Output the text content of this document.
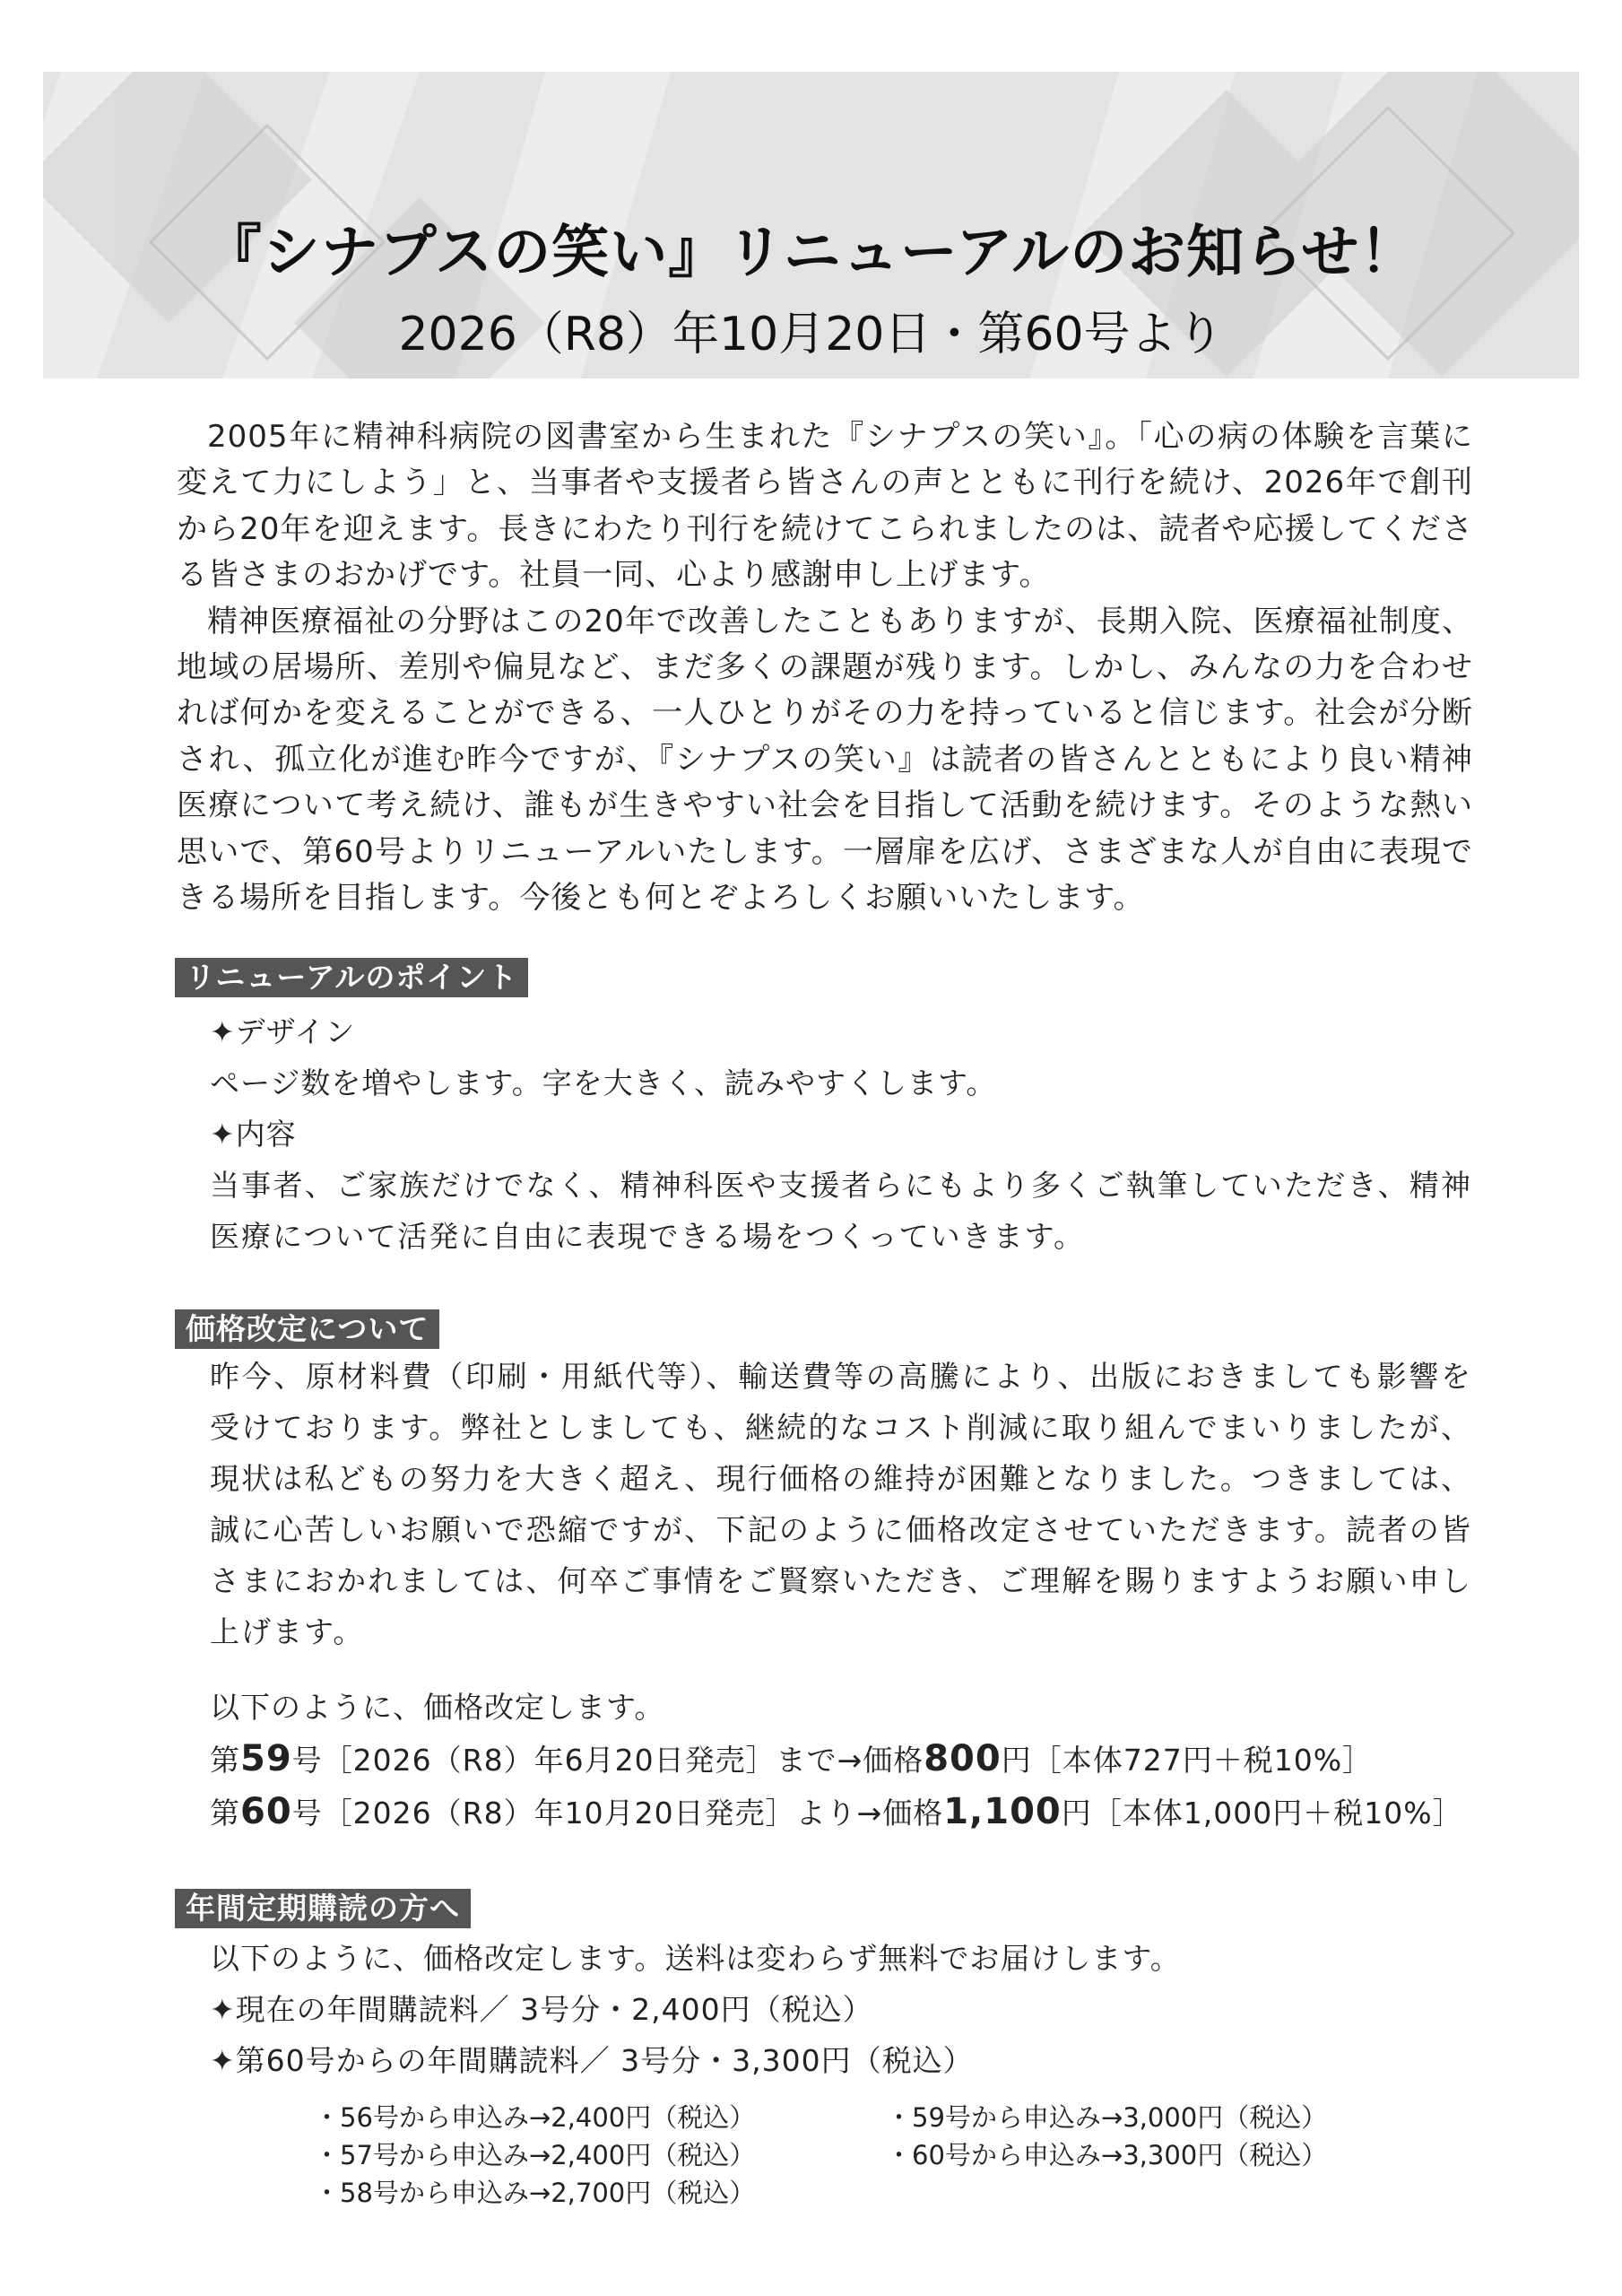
『シナプスの笑い』リニューアルのお知らせ！
2026（R8）年10月20日・第60号より

2005年に精神科病院の図書室から生まれた『シナプスの笑い』。「心の病の体験を言葉に変えて力にしよう」と、当事者や支援者ら皆さんの声とともに刊行を続け、2026年で創刊から20年を迎えます。長きにわたり刊行を続けてこられましたのは、読者や応援してくださる皆さまのおかげです。社員一同、心より感謝申し上げます。

精神医療福祉の分野はこの20年で改善したこともありますが、長期入院、医療福祉制度、地域の居場所、差別や偏見など、まだ多くの課題が残ります。しかし、みんなの力を合わせれば何かを変えることができる、一人ひとりがその力を持っていると信じます。社会が分断され、孤立化が進む昨今ですが、『シナプスの笑い』は読者の皆さんとともにより良い精神医療について考え続け、誰もが生きやすい社会を目指して活動を続けます。そのような熱い思いで、第60号よりリニューアルいたします。一層扉を広げ、さまざまな人が自由に表現できる場所を目指します。今後とも何とぞよろしくお願いいたします。

リニューアルのポイント

✦デザイン

ページ数を増やします。字を大きく、読みやすくします。

✦内容

当事者、ご家族だけでなく、精神科医や支援者らにもより多くご執筆していただき、精神医療について活発に自由に表現できる場をつくっていきます。

価格改定について

昨今、原材料費（印刷・用紙代等）、輸送費等の高騰により、出版におきましても影響を受けております。弊社としましても、継続的なコスト削減に取り組んでまいりましたが、現状は私どもの努力を大きく超え、現行価格の維持が困難となりました。つきましては、誠に心苦しいお願いで恐縮ですが、下記のように価格改定させていただきます。読者の皆さまにおかれましては、何卒ご事情をご賢察いただき、ご理解を賜りますようお願い申し上げます。

以下のように、価格改定します。
第59号［2026（R8）年6月20日発売］まで→価格800円［本体727円＋税10%］
第60号［2026（R8）年10月20日発売］より→価格1,100円［本体1,000円＋税10%］
年間定期購読の方へ

以下のように、価格改定します。送料は変わらず無料でお届けします。

✦現在の年間購読料／ 3号分・2,400円（税込）

✦第60号からの年間購読料／ 3号分・3,300円（税込）

・56号から申込み→2,400円（税込）
・57号から申込み→2,400円（税込）
・58号から申込み→2,700円（税込）
・59号から申込み→3,000円（税込）
・60号から申込み→3,300円（税込）
